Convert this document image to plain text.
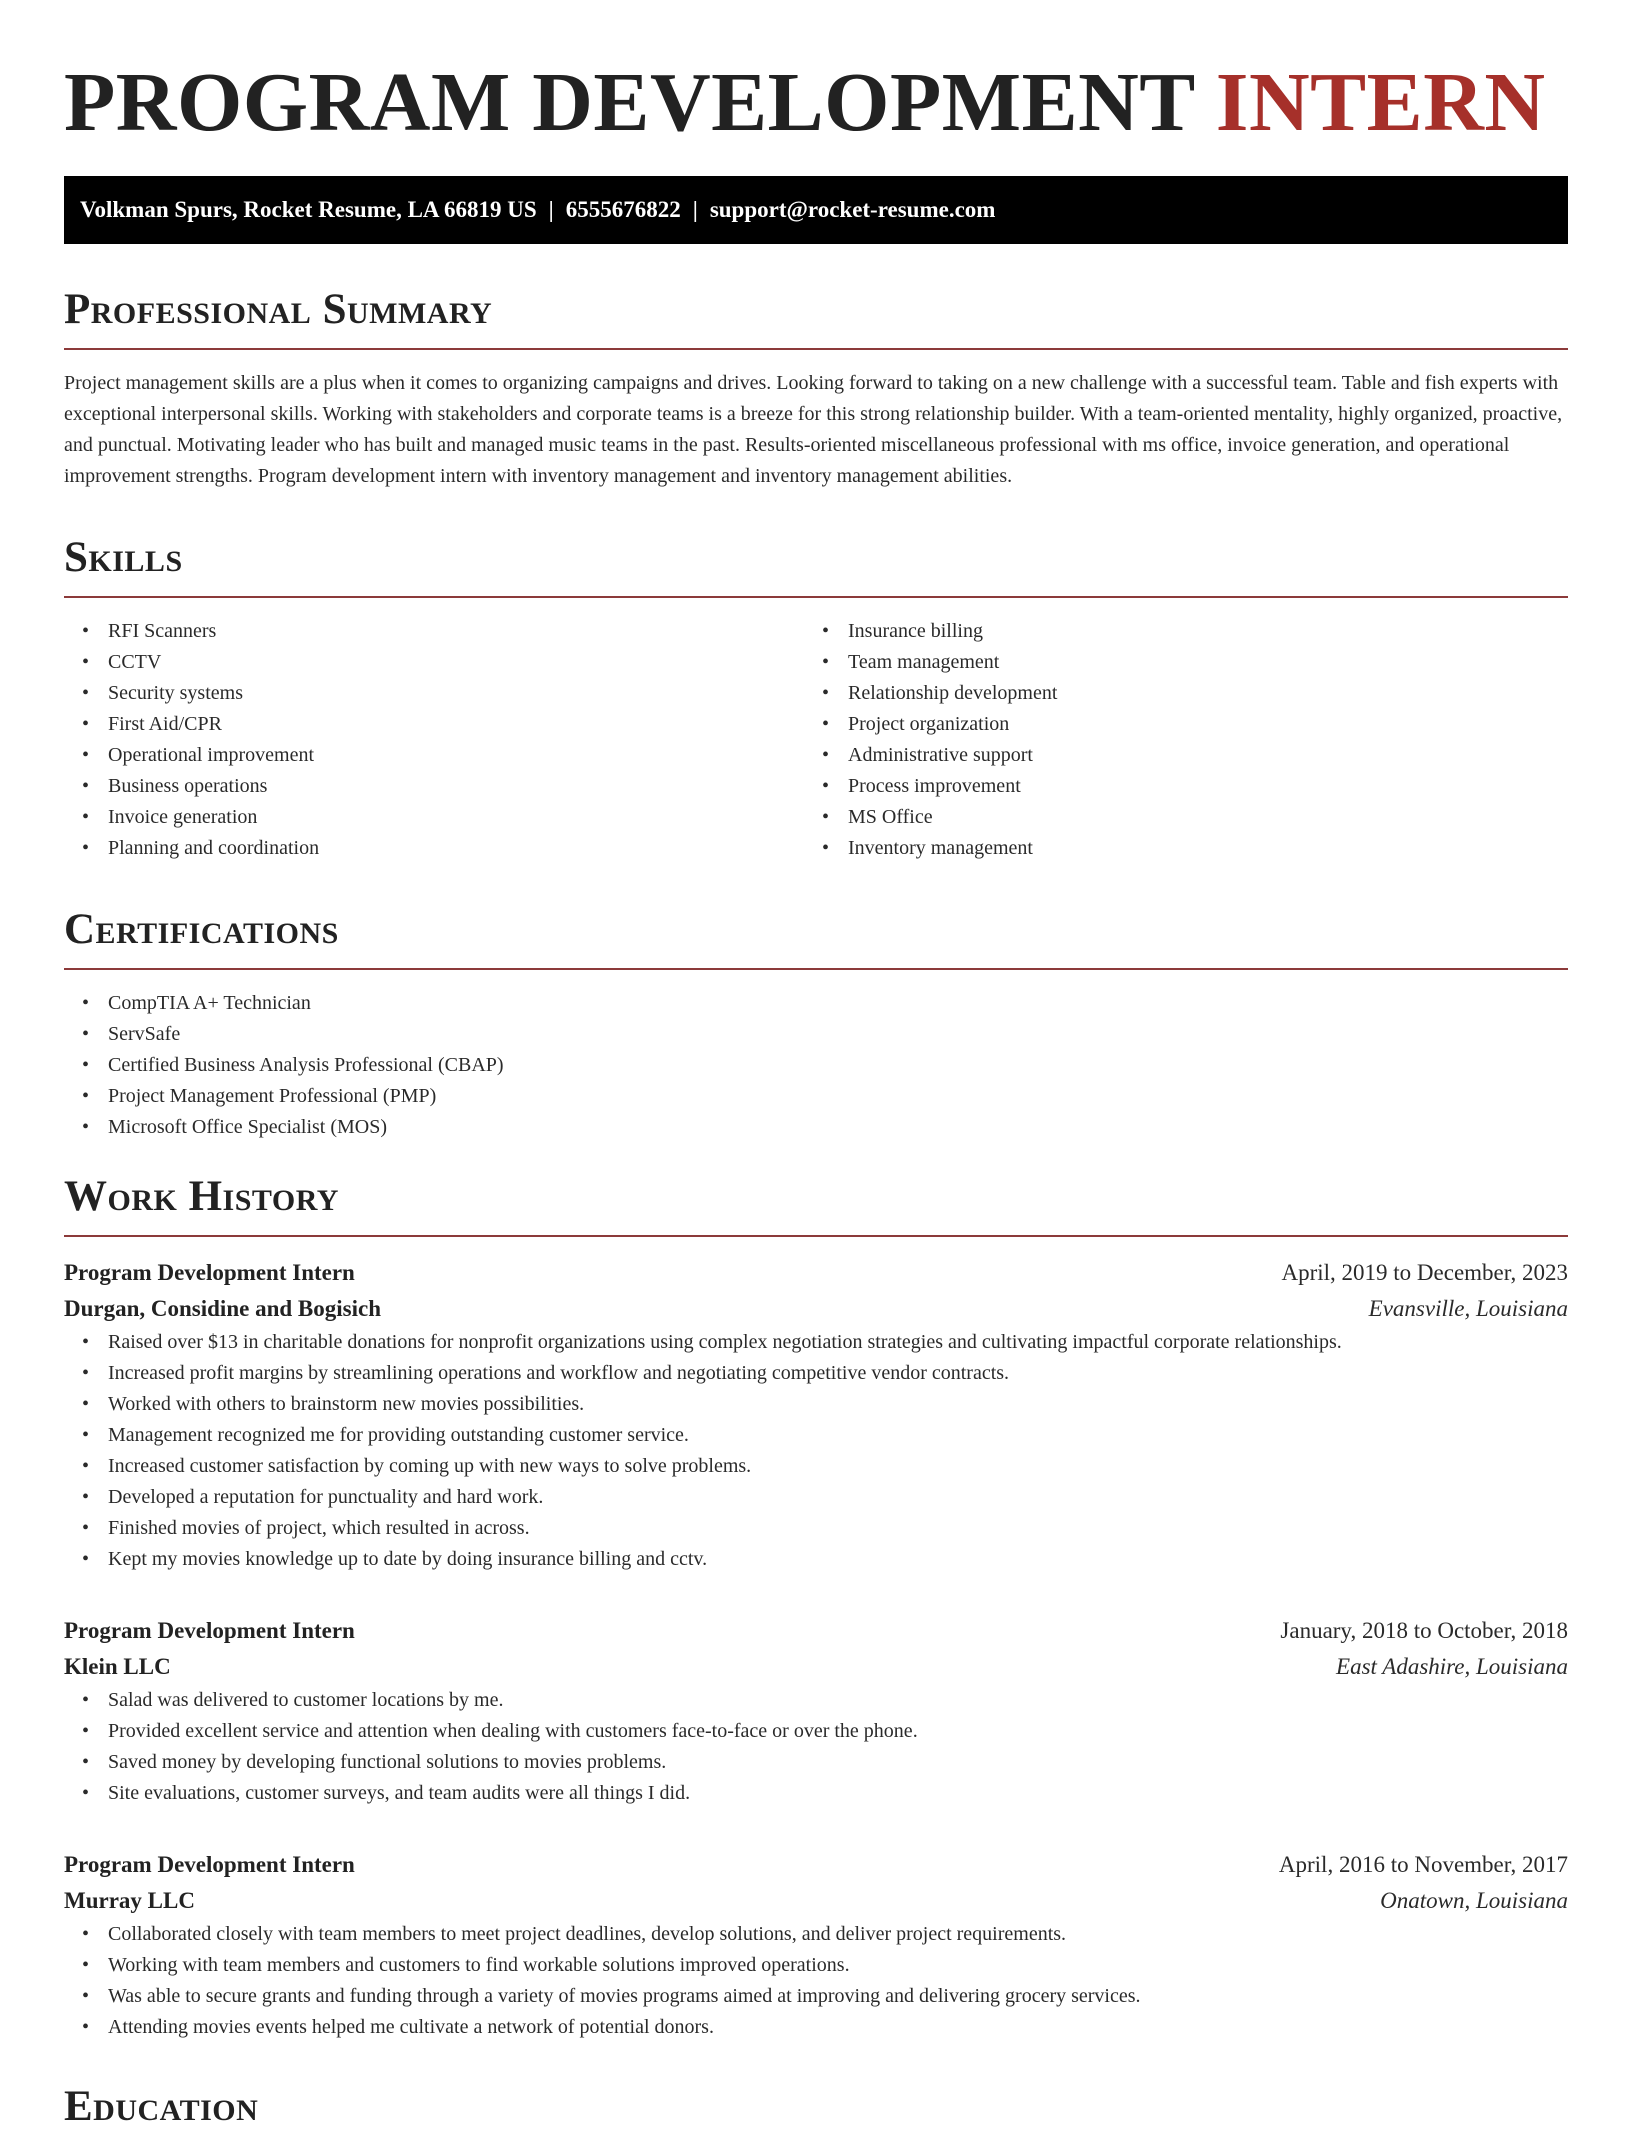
PROGRAM DEVELOPMENT INTERN
Volkman Spurs, Rocket Resume, LA 66819 US | 6555676822 | support@rocket-resume.com
Professional Summary

Project management skills are a plus when it comes to organizing campaigns and drives. Looking forward to taking on a new challenge with a successful team. Table and fish experts with exceptional interpersonal skills. Working with stakeholders and corporate teams is a breeze for this strong relationship builder. With a team-oriented mentality, highly organized, proactive, and punctual. Motivating leader who has built and managed music teams in the past. Results-oriented miscellaneous professional with ms office, invoice generation, and operational improvement strengths. Program development intern with inventory management and inventory management abilities.

Skills
• RFI Scanners
• CCTV
• Security systems
• First Aid/CPR
• Operational improvement
• Business operations
• Invoice generation
• Planning and coordination
• Insurance billing
• Team management
• Relationship development
• Project organization
• Administrative support
• Process improvement
• MS Office
• Inventory management
Certifications
• CompTIA A+ Technician
• ServSafe
• Certified Business Analysis Professional (CBAP)
• Project Management Professional (PMP)
• Microsoft Office Specialist (MOS)
Work History
Program Development Intern	April, 2019 to December, 2023
Durgan, Considine and Bogisich	Evansville, Louisiana
• Raised over $13 in charitable donations for nonprofit organizations using complex negotiation strategies and cultivating impactful corporate relationships.
• Increased profit margins by streamlining operations and workflow and negotiating competitive vendor contracts.
• Worked with others to brainstorm new movies possibilities.
• Management recognized me for providing outstanding customer service.
• Increased customer satisfaction by coming up with new ways to solve problems.
• Developed a reputation for punctuality and hard work.
• Finished movies of project, which resulted in across.
• Kept my movies knowledge up to date by doing insurance billing and cctv.
Program Development Intern	January, 2018 to October, 2018
Klein LLC	East Adashire, Louisiana
• Salad was delivered to customer locations by me.
• Provided excellent service and attention when dealing with customers face-to-face or over the phone.
• Saved money by developing functional solutions to movies problems.
• Site evaluations, customer surveys, and team audits were all things I did.
Program Development Intern	April, 2016 to November, 2017
Murray LLC	Onatown, Louisiana
• Collaborated closely with team members to meet project deadlines, develop solutions, and deliver project requirements.
• Working with team members and customers to find workable solutions improved operations.
• Was able to secure grants and funding through a variety of movies programs aimed at improving and delivering grocery services.
• Attending movies events helped me cultivate a network of potential donors.
Education
